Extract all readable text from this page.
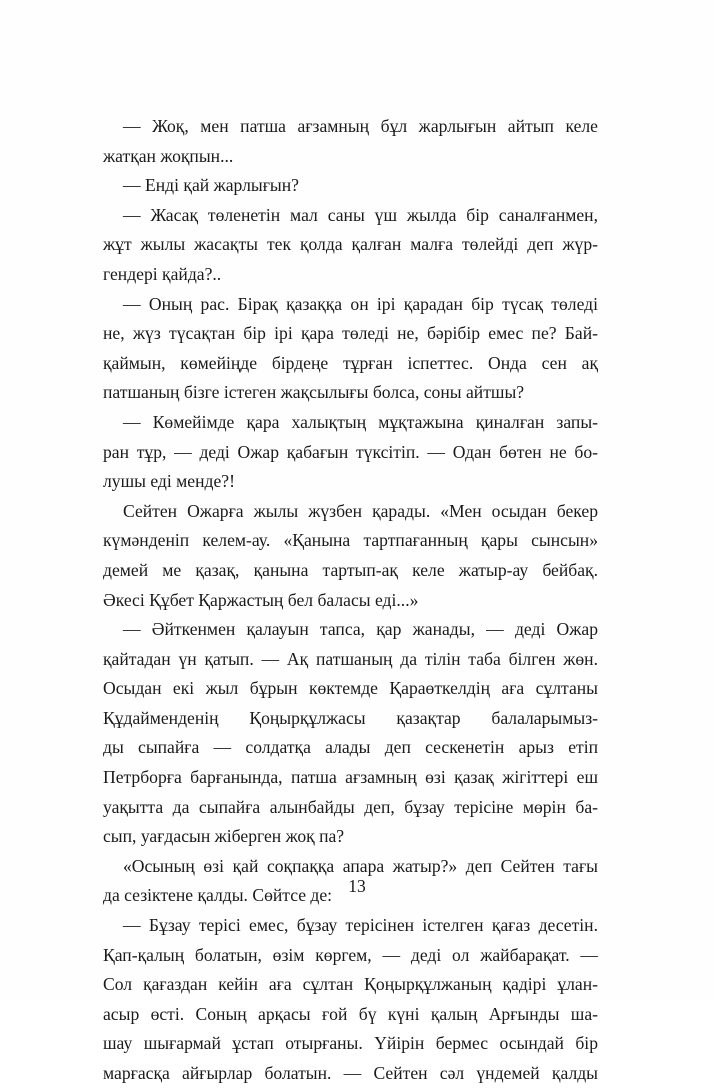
— Жоқ, мен патша ағзамның бұл жарлығын айтып келе
жатқан жоқпын...
— Енді қай жарлығын?
— Жасақ төленетін мал саны үш жылда бір саналғанмен,
жұт жылы жасақты тек қолда қалған малға төлейді деп жүр-
гендері қайда?..
— Оның рас. Бірақ қазаққа он ірі қарадан бір түсақ төледі
не, жүз түсақтан бір ірі қара төледі не, бәрібір емес пе? Бай-
қаймын, көмейіңде бірдеңе тұрған іспеттес. Онда сен ақ
патшаның бізге істеген жақсылығы болса, соны айтшы?
— Көмейімде қара халықтың мұқтажына қиналған запы-
ран тұр, — деді Ожар қабағын түксітіп. — Одан бөтен не бо-
лушы еді менде?!
Сейтен Ожарға жылы жүзбен қарады. «Мен осыдан бекер
күмәнденіп келем-ау. «Қанына тартпағанның қары сынсын»
демей ме қазақ, қанына тартып-ақ келе жатыр-ау бейбақ.
Әкесі Құбет Қаржастың бел баласы еді...»
— Әйткенмен қалауын тапса, қар жанады, — деді Ожар
қайтадан үн қатып. — Ақ патшаның да тілін таба білген жөн.
Осыдан екі жыл бұрын көктемде Қараөткелдің аға сұлтаны
Құдайменденің Қоңырқұлжасы қазақтар балаларымыз-
ды сыпайға — солдатқа алады деп сескенетін арыз етіп
Петрборға барғанында, патша ағзамның өзі қазақ жігіттері еш
уақытта да сыпайға алынбайды деп, бұзау терісіне мөрін ба-
сып, уағдасын жіберген жоқ па?
«Осының өзі қай соқпаққа апара жатыр?» деп Сейтен тағы
да сезіктене қалды. Сөйтсе де:
— Бұзау терісі емес, бұзау терісінен істелген қағаз десетін.
Қап-қалың болатын, өзім көргем, — деді ол жайбарақат. —
Сол қағаздан кейін аға сұлтан Қоңырқұлжаның қадірі ұлан-
асыр өсті. Соның арқасы ғой бү күні қалың Арғынды ша-
шау шығармай ұстап отырғаны. Үйірін бермес осындай бір
марғасқа айғырлар болатын. — Сейтен сәл үндемей қалды
13
